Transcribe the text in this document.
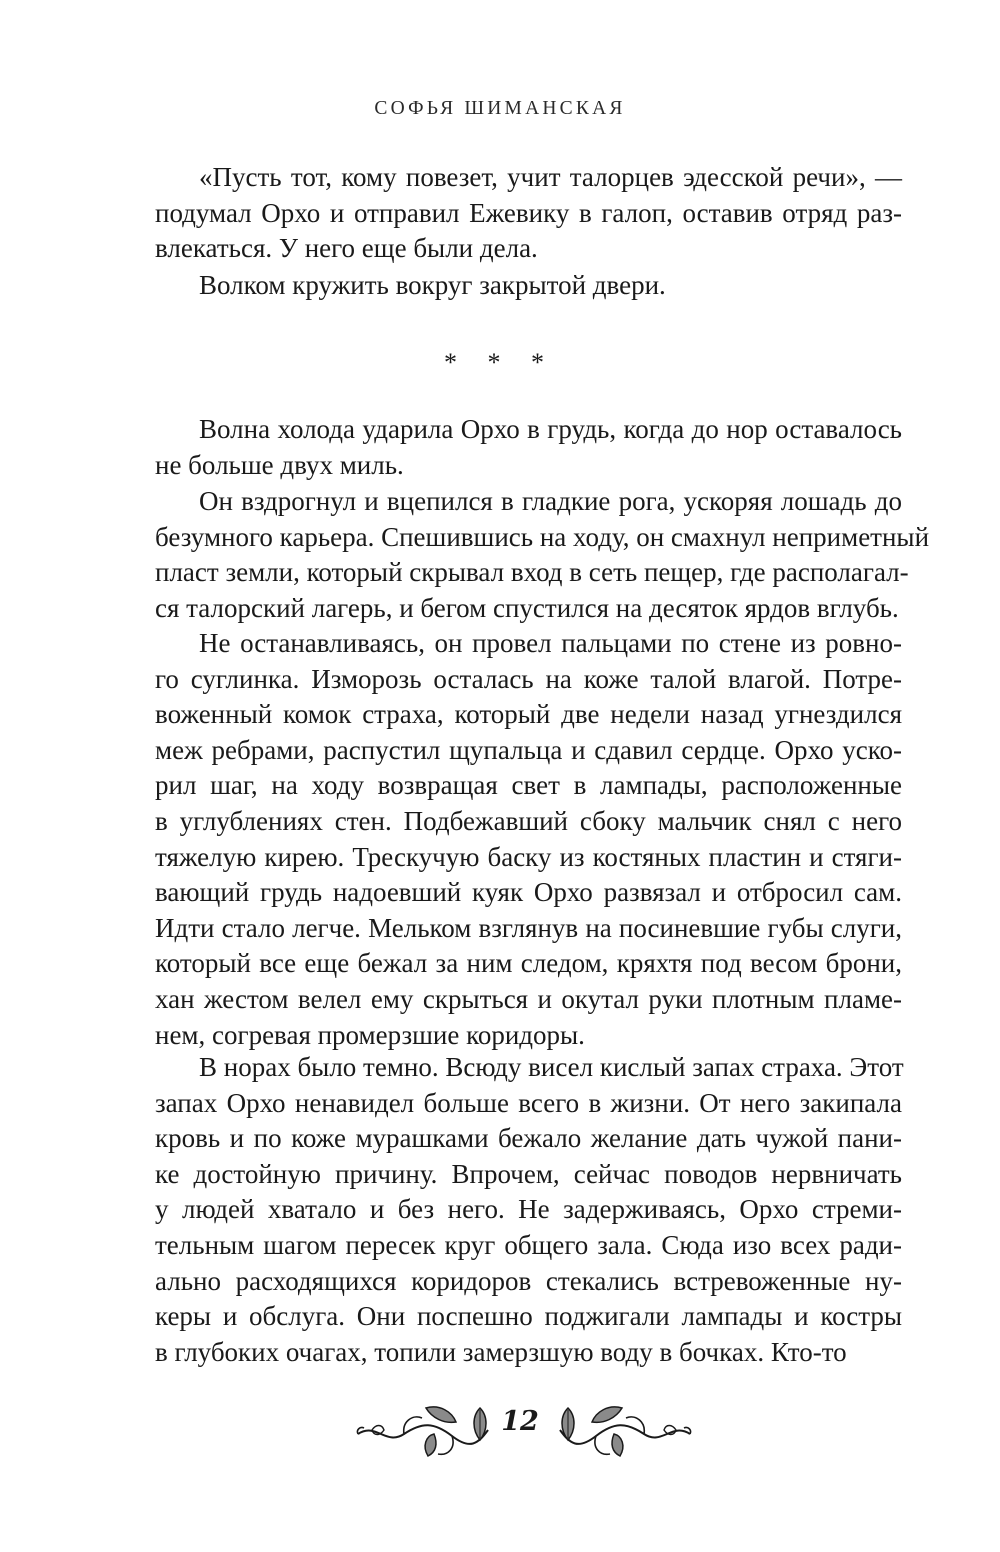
СОФЬЯ ШИМАНСКАЯ
«Пусть тот, кому повезет, учит талорцев эдесской речи», —
подумал Орхо и отправил Ежевику в галоп, оставив отряд раз-
влекаться. У него еще были дела.
Волком кружить вокруг закрытой двери.
Волна холода ударила Орхо в грудь, когда до нор оставалось
не больше двух миль.
Он вздрогнул и вцепился в гладкие рога, ускоряя лошадь до
безумного карьера. Спешившись на ходу, он смахнул неприметный
пласт земли, который скрывал вход в сеть пещер, где располагал-
ся талорский лагерь, и бегом спустился на десяток ярдов вглубь.
Не останавливаясь, он провел пальцами по стене из ровно-
го суглинка. Изморозь осталась на коже талой влагой. Потре-
воженный комок страха, который две недели назад угнездился
меж ребрами, распустил щупальца и сдавил сердце. Орхо уско-
рил шаг, на ходу возвращая свет в лампады, расположенные
в углублениях стен. Подбежавший сбоку мальчик снял с него
тяжелую кирею. Трескучую баску из костяных пластин и стяги-
вающий грудь надоевший куяк Орхо развязал и отбросил сам.
Идти стало легче. Мельком взглянув на посиневшие губы слуги,
который все еще бежал за ним следом, кряхтя под весом брони,
хан жестом велел ему скрыться и окутал руки плотным пламе-
нем, согревая промерзшие коридоры.
В норах было темно. Всюду висел кислый запах страха. Этот
запах Орхо ненавидел больше всего в жизни. От него закипала
кровь и по коже мурашками бежало желание дать чужой пани-
ке достойную причину. Впрочем, сейчас поводов нервничать
у людей хватало и без него. Не задерживаясь, Орхо стреми-
тельным шагом пересек круг общего зала. Сюда изо всех ради-
ально расходящихся коридоров стекались встревоженные ну-
керы и обслуга. Они поспешно поджигали лампады и костры
в глубоких очагах, топили замерзшую воду в бочках. Кто-то
* * *
12
